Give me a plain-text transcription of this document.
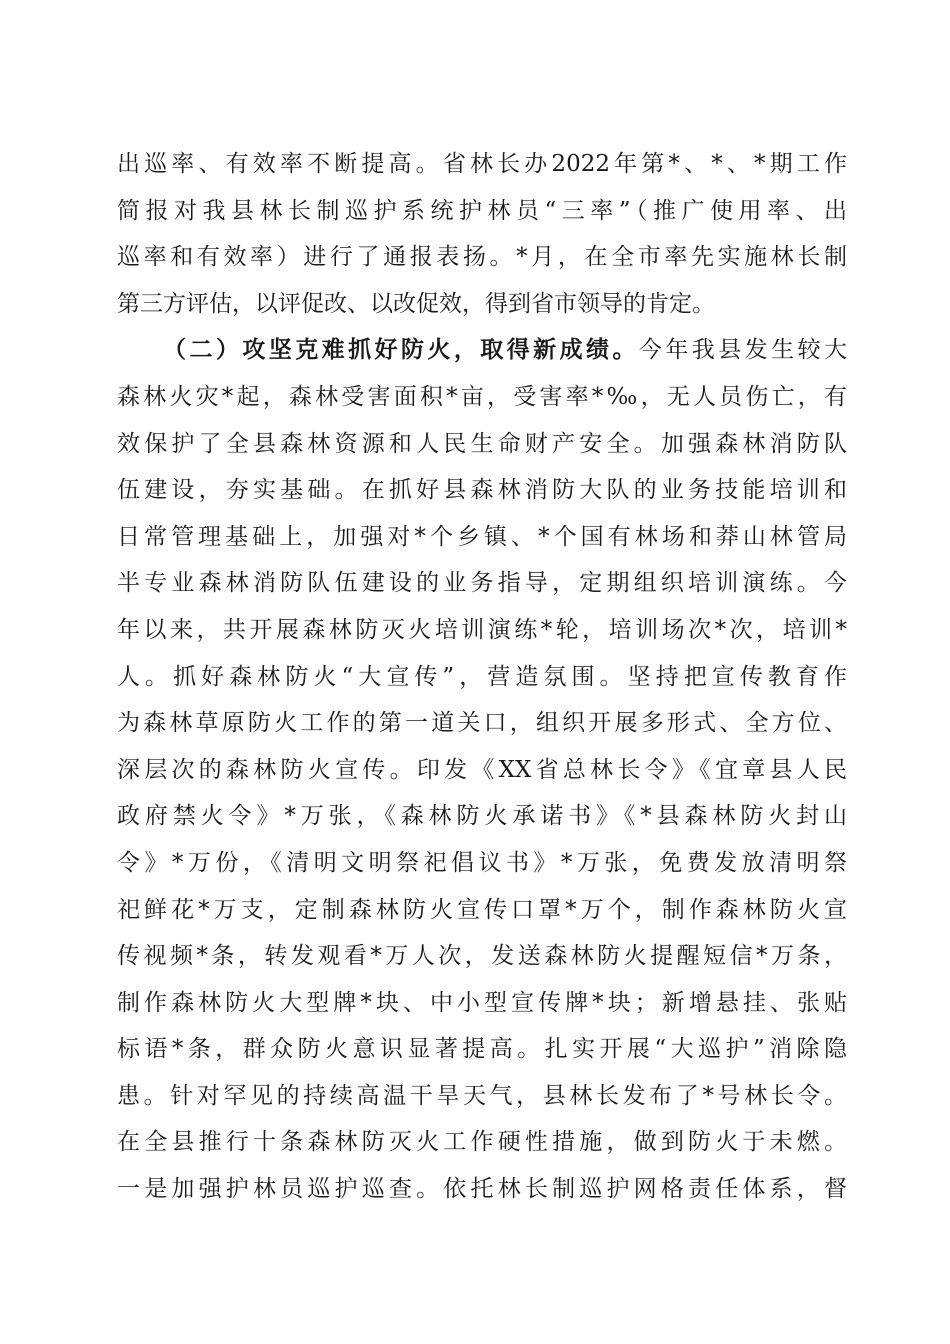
出巡率、有效率不断提高。省林长办2022年第*、*、*期工作
简报对我县林长制巡护系统护林员“三率”（推广使用率、出
巡率和有效率）进行了通报表扬。*月，在全市率先实施林长制
第三方评估，以评促改、以改促效，得到省市领导的肯定。
（二）攻坚克难抓好防火，取得新成绩。今年我县发生较大
森林火灾*起，森林受害面积*亩，受害率*‰，无人员伤亡，有
效保护了全县森林资源和人民生命财产安全。加强森林消防队
伍建设，夯实基础。在抓好县森林消防大队的业务技能培训和
日常管理基础上，加强对*个乡镇、*个国有林场和莽山林管局
半专业森林消防队伍建设的业务指导，定期组织培训演练。今
年以来，共开展森林防灭火培训演练*轮，培训场次*次，培训*
人。抓好森林防火“大宣传”，营造氛围。坚持把宣传教育作
为森林草原防火工作的第一道关口，组织开展多形式、全方位、
深层次的森林防火宣传。印发《XX省总林长令》《宜章县人民
政府禁火令》*万张，《森林防火承诺书》《*县森林防火封山
令》*万份，《清明文明祭祀倡议书》*万张，免费发放清明祭
祀鲜花*万支，定制森林防火宣传口罩*万个，制作森林防火宣
传视频*条，转发观看*万人次，发送森林防火提醒短信*万条，
制作森林防火大型牌*块、中小型宣传牌*块；新增悬挂、张贴
标语*条，群众防火意识显著提高。扎实开展“大巡护”消除隐
患。针对罕见的持续高温干旱天气，县林长发布了*号林长令。
在全县推行十条森林防灭火工作硬性措施，做到防火于未燃。
一是加强护林员巡护巡查。依托林长制巡护网格责任体系，督
